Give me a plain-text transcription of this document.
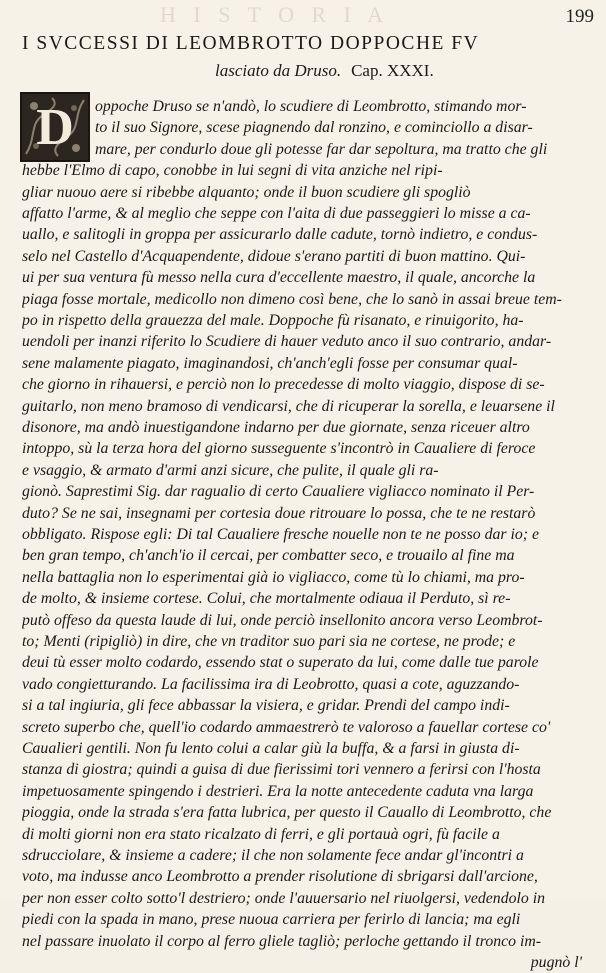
H I S T O R I A	199
I SVCCESSI DI LEOMBROTTO DOPPOCHE FV
lasciato da Druso. Cap. XXXI.
D	oppoche Druso se n'andò, lo scudiere di Leombrotto, stimando mor-
to il suo Signore, scese piagnendo dal ronzino, e cominciollo a disar-
mare, per condurlo doue gli potesse far dar sepoltura, ma tratto che gli
hebbe l'Elmo di capo, conobbe in lui segni di vita anziche nel ripi-
gliar nuouo aere si ribebbe alquanto; onde il buon scudiere gli spogliò
affatto l'arme, & al meglio che seppe con l'aita di due passeggieri lo misse a ca-
uallo, e salitogli in groppa per assicurarlo dalle cadute, tornò indietro, e condus-
selo nel Castello d'Acquapendente, didoue s'erano partiti di buon mattino. Qui-
ui per sua ventura fù messo nella cura d'eccellente maestro, il quale, ancorche la
piaga fosse mortale, medicollo non dimeno così bene, che lo sanò in assai breue tem-
po in rispetto della grauezza del male. Doppoche fù risanato, e rinuigorito, ha-
uendoli per inanzi riferito lo Scudiere di hauer veduto anco il suo contrario, andar-
sene malamente piagato, imaginandosi, ch'anch'egli fosse per consumar qual-
che giorno in rihauersi, e perciò non lo precedesse di molto viaggio, dispose di se-
guitarlo, non meno bramoso di vendicarsi, che di ricuperar la sorella, e leuarsene il
disonore, ma andò inuestigandone indarno per due giornate, senza riceuer altro
intoppo, sù la terza hora del giorno susseguente s'incontrò in Caualiere di feroce
e vsaggio, & armato d'armi anzi sicure, che pulite, il quale gli ra-
gionò. Saprestimi Sig. dar ragualio di certo Caualiere vigliacco nominato il Per-
duto? Se ne sai, insegnami per cortesia doue ritrouare lo possa, che te ne restarò
obbligato. Rispose egli: Di tal Caualiere fresche nouelle non te ne posso dar io; e
ben gran tempo, ch'anch'io il cercai, per combatter seco, e trouailo al fine ma
nella battaglia non lo esperimentai già io vigliacco, come tù lo chiami, ma pro-
de molto, & insieme cortese. Colui, che mortalmente odiaua il Perduto, sì re-
putò offeso da questa laude di lui, onde perciò insellonito ancora verso Leombrot-
to; Menti (ripigliò) in dire, che vn traditor suo pari sia ne cortese, ne prode; e
deui tù esser molto codardo, essendo stat o superato da lui, come dalle tue parole
vado congietturando. La facilissima ira di Leobrotto, quasi a cote, aguzzando-
si a tal ingiuria, gli fece abbassar la visiera, e gridar. Prendi del campo indi-
screto superbo che, quell'io codardo ammaestrerò te valoroso a fauellar cortese co'
Caualieri gentili. Non fu lento colui a calar giù la buffa, & a farsi in giusta di-
stanza di giostra; quindi a guisa di due fierissimi tori vennero a ferirsi con l'hosta
impetuosamente spingendo i destrieri. Era la notte antecedente caduta vna larga
pioggia, onde la strada s'era fatta lubrica, per questo il Cauallo di Leombrotto, che
di molti giorni non era stato ricalzato di ferri, e gli portauà ogri, fù facile a
sdrucciolare, & insieme a cadere; il che non solamente fece andar gl'incontri a
voto, ma indusse anco Leombrotto a prender risolutione di sbrigarsi dall'arcione,
per non esser colto sotto'l destriero; onde l'auuersario nel riuolgersi, vedendolo in
piedi con la spada in mano, prese nuoua carriera per ferirlo di lancia; ma egli
nel passare inuolato il corpo al ferro gliele tagliò; perloche gettando il tronco im-
pugnò l'
